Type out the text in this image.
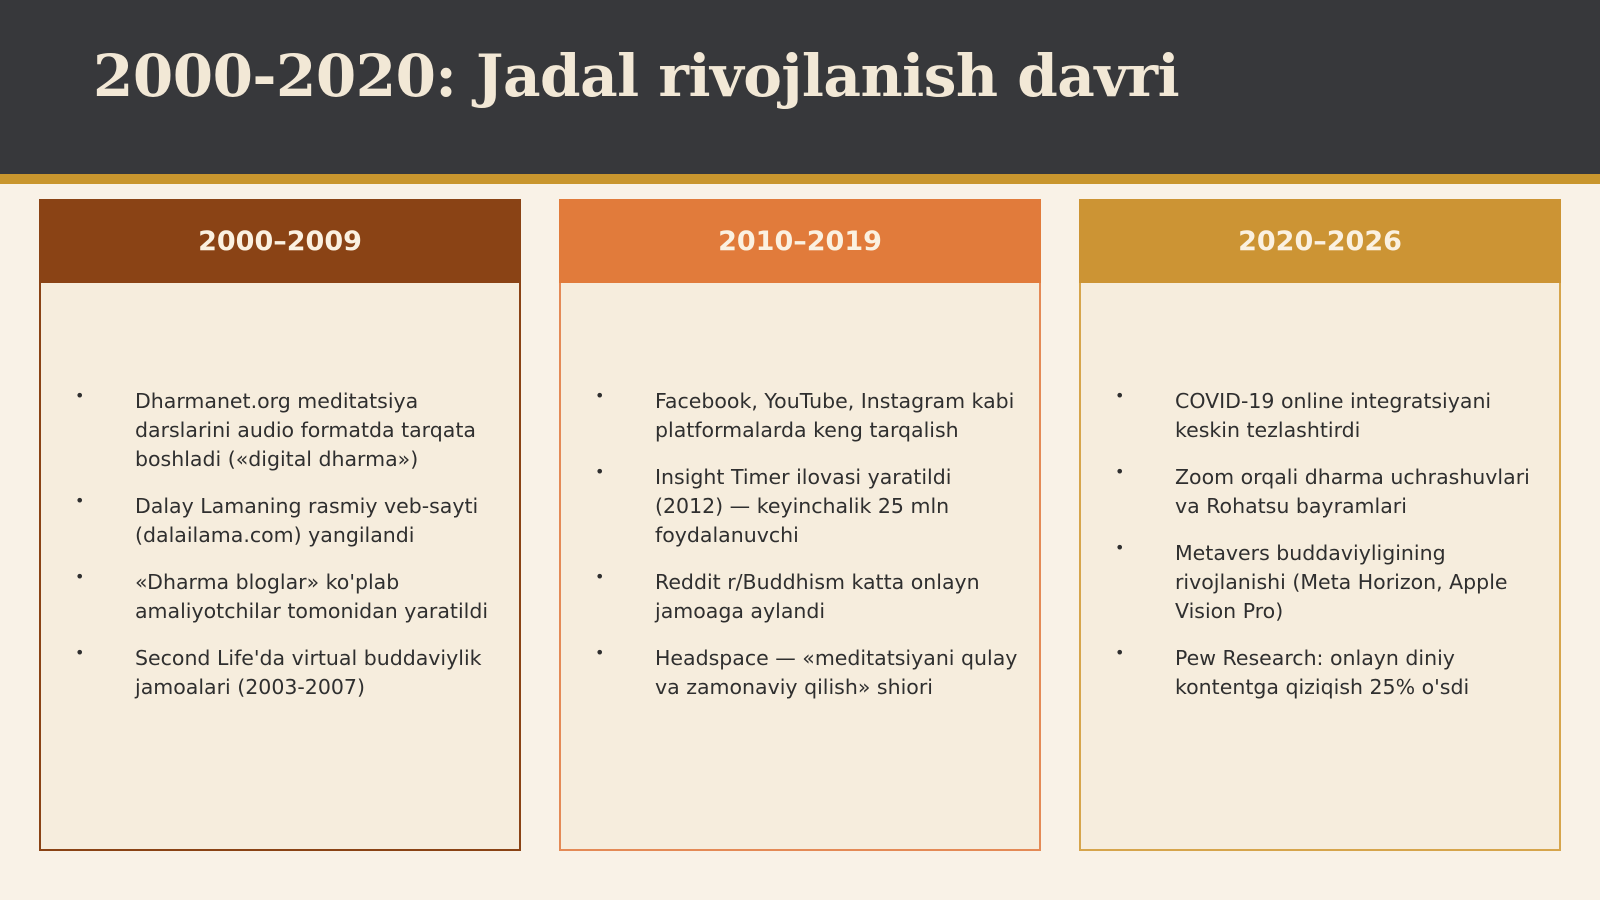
2000-2020: Jadal rivojlanish davri
2000–2009
• Dharmanet.org meditatsiya darslarini audio formatda tarqata boshladi («digital dharma»)
• Dalay Lamaning rasmiy veb-sayti (dalailama.com) yangilandi
• «Dharma bloglar» ko'plab amaliyotchilar tomonidan yaratildi
• Second Life'da virtual buddaviylik jamoalari (2003-2007)
2010–2019
• Facebook, YouTube, Instagram kabi platformalarda keng tarqalish
• Insight Timer ilovasi yaratildi (2012) — keyinchalik 25 mln foydalanuvchi
• Reddit r/Buddhism katta onlayn jamoaga aylandi
• Headspace — «meditatsiyani qulay va zamonaviy qilish» shiori
2020–2026
• COVID-19 online integratsiyani keskin tezlashtirdi
• Zoom orqali dharma uchrashuvlari va Rohatsu bayramlari
• Metavers buddaviyligining rivojlanishi (Meta Horizon, Apple Vision Pro)
• Pew Research: onlayn diniy kontentga qiziqish 25% o'sdi
